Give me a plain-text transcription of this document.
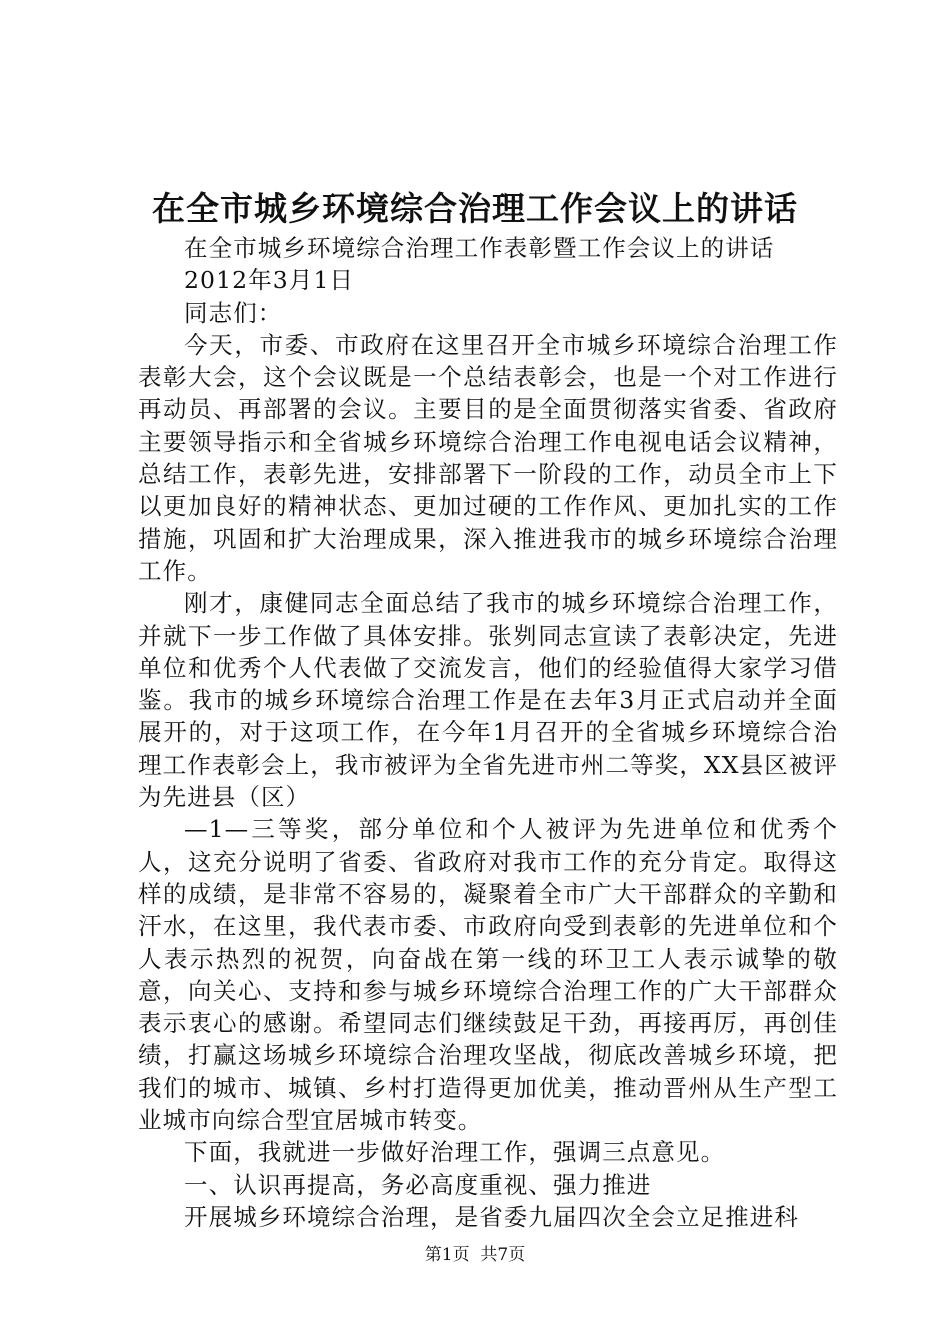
在全市城乡环境综合治理工作会议上的讲话

在全市城乡环境综合治理工作表彰暨工作会议上的讲话

2012年3月1日

同志们：

今天，市委、市政府在这里召开全市城乡环境综合治理工作表彰大会，这个会议既是一个总结表彰会，也是一个对工作进行再动员、再部署的会议。主要目的是全面贯彻落实省委、省政府主要领导指示和全省城乡环境综合治理工作电视电话会议精神，总结工作，表彰先进，安排部署下一阶段的工作，动员全市上下以更加良好的精神状态、更加过硬的工作作风、更加扎实的工作措施，巩固和扩大治理成果，深入推进我市的城乡环境综合治理工作。

刚才，康健同志全面总结了我市的城乡环境综合治理工作，并就下一步工作做了具体安排。张刿同志宣读了表彰决定，先进单位和优秀个人代表做了交流发言，他们的经验值得大家学习借鉴。我市的城乡环境综合治理工作是在去年3月正式启动并全面展开的，对于这项工作，在今年1月召开的全省城乡环境综合治理工作表彰会上，我市被评为全省先进市州二等奖，XX县区被评为先进县（区）

—1—三等奖，部分单位和个人被评为先进单位和优秀个人，这充分说明了省委、省政府对我市工作的充分肯定。取得这样的成绩，是非常不容易的，凝聚着全市广大干部群众的辛勤和汗水，在这里，我代表市委、市政府向受到表彰的先进单位和个人表示热烈的祝贺，向奋战在第一线的环卫工人表示诚挚的敬意，向关心、支持和参与城乡环境综合治理工作的广大干部群众表示衷心的感谢。希望同志们继续鼓足干劲，再接再厉，再创佳绩，打赢这场城乡环境综合治理攻坚战，彻底改善城乡环境，把我们的城市、城镇、乡村打造得更加优美，推动晋州从生产型工业城市向综合型宜居城市转变。

下面，我就进一步做好治理工作，强调三点意见。

一、认识再提高，务必高度重视、强力推进

开展城乡环境综合治理，是省委九届四次全会立足推进科

第1页 共7页
